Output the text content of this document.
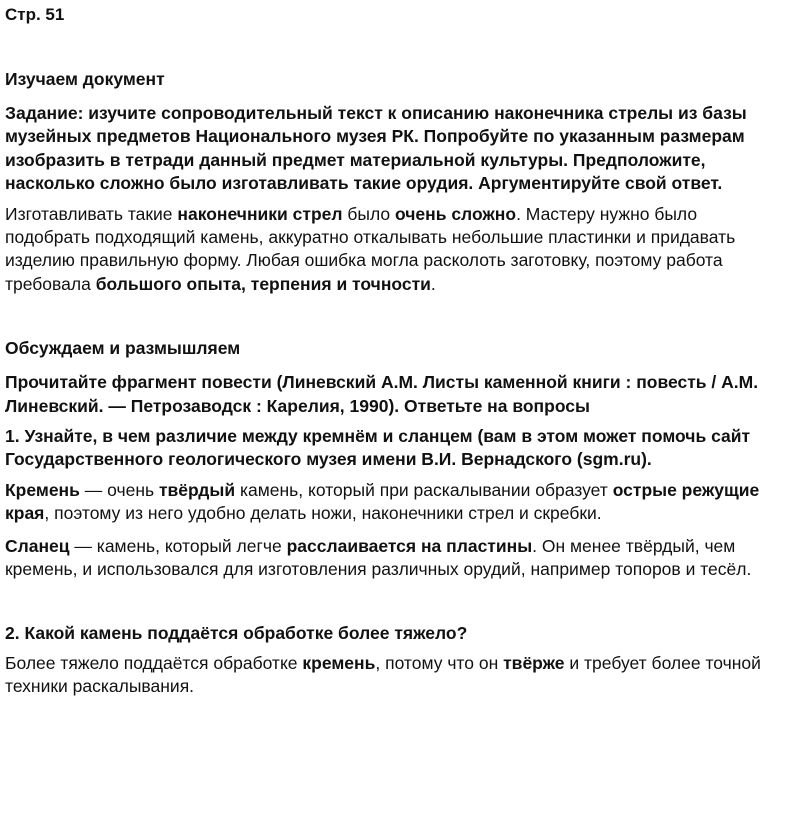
Стр. 51

Изучаем документ

Задание: изучите сопроводительный текст к описанию наконечника стрелы из базы музейных предметов Национального музея РК. Попробуйте по указанным размерам изобразить в тетради данный предмет материальной культуры. Предположите, насколько сложно было изготавливать такие орудия. Аргументируйте свой ответ.

Изготавливать такие наконечники стрел было очень сложно. Мастеру нужно было подобрать подходящий камень, аккуратно откалывать небольшие пластинки и придавать изделию правильную форму. Любая ошибка могла расколоть заготовку, поэтому работа требовала большого опыта, терпения и точности.

Обсуждаем и размышляем

Прочитайте фрагмент повести (Линевский А.М. Листы каменной книги : повесть / А.М. Линевский. — Петрозаводск : Карелия, 1990). Ответьте на вопросы

1. Узнайте, в чем различие между кремнём и сланцем (вам в этом может помочь сайт Государственного геологического музея имени В.И. Вернадского (sgm.ru).

Кремень — очень твёрдый камень, который при раскалывании образует острые режущие края, поэтому из него удобно делать ножи, наконечники стрел и скребки.

Сланец — камень, который легче расслаивается на пластины. Он менее твёрдый, чем кремень, и использовался для изготовления различных орудий, например топоров и тесёл.

2. Какой камень поддаётся обработке более тяжело?

Более тяжело поддаётся обработке кремень, потому что он твёрже и требует более точной техники раскалывания.
